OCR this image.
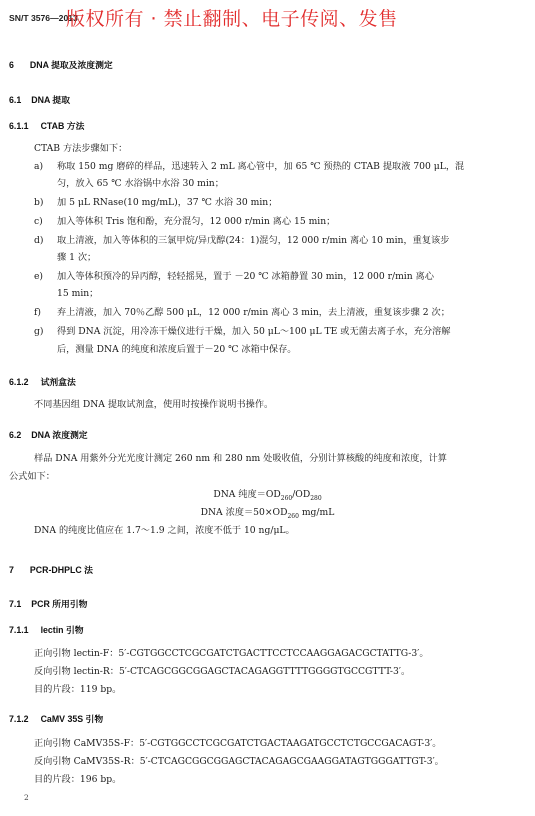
SN/T 3576—2013
版权所有 · 禁止翻制、电子传阅、发售
6 DNA 提取及浓度测定
6.1 DNA 提取
6.1.1 CTAB 方法
CTAB 方法步骤如下：
a) 称取 150 mg 磨碎的样品，迅速转入 2 mL 离心管中，加 65 ℃ 预热的 CTAB 提取液 700 μL，混
匀，放入 65 ℃ 水浴锅中水浴 30 min；
b) 加 5 μL RNase(10 mg/mL)，37 ℃ 水浴 30 min；
c) 加入等体积 Tris 饱和酚，充分混匀，12 000 r/min 离心 15 min；
d) 取上清液，加入等体积的三氯甲烷/异戊醇(24：1)混匀，12 000 r/min 离心 10 min，重复该步
骤 1 次；
e) 加入等体积预冷的异丙醇，轻轻摇晃，置于 －20 ℃ 冰箱静置 30 min，12 000 r/min 离心
15 min；
f) 弃上清液，加入 70％乙醇 500 μL，12 000 r/min 离心 3 min，去上清液，重复该步骤 2 次；
g) 得到 DNA 沉淀，用冷冻干燥仪进行干燥，加入 50 μL～100 μL TE 或无菌去离子水，充分溶解
后，测量 DNA 的纯度和浓度后置于－20 ℃ 冰箱中保存。
6.1.2 试剂盒法
不同基因组 DNA 提取试剂盒，使用时按操作说明书操作。
6.2 DNA 浓度测定
样品 DNA 用紫外分光光度计测定 260 nm 和 280 nm 处吸收值，分别计算核酸的纯度和浓度，计算
公式如下：
DNA 纯度$=OD_{260}/OD_{280}$
DNA 浓度$=50\times OD_{260}$ mg/mL
DNA 的纯度比值应在 1.7～1.9 之间，浓度不低于 10 ng/μL。
7 PCR-DHPLC 法
7.1 PCR 所用引物
7.1.1 lectin 引物
正向引物 lectin-F：5′-CGTGGCCTCGCGATCTGACTTCCTCCAAGGAGACGCTATTG-3′。
反向引物 lectin-R：5′-CTCAGCGGCGGAGCTACAGAGGTTTTGGGGTGCCGTTT-3′。
目的片段：119 bp。
7.1.2 CaMV 35S 引物
正向引物 CaMV35S-F：5′-CGTGGCCTCGCGATCTGACTAAGATGCCTCTGCCGACAGT-3′。
反向引物 CaMV35S-R：5′-CTCAGCGGCGGAGCTACAGAGCGAAGGATAGTGGGATTGT-3′。
目的片段：196 bp。
2
